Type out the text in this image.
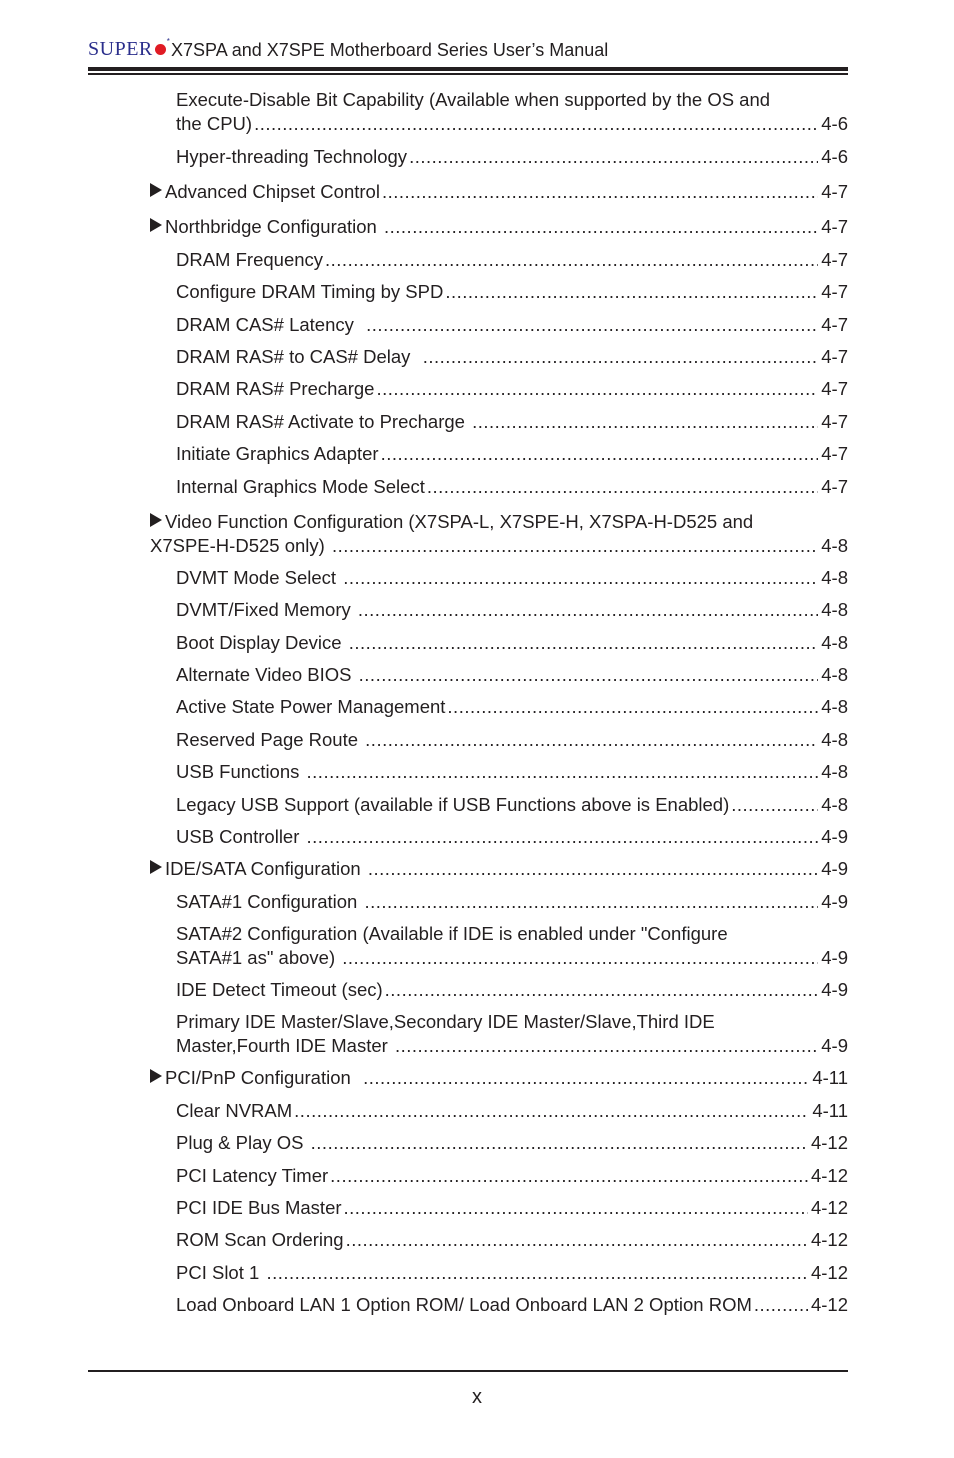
SUPER * X7SPA and X7SPE Motherboard Series User’s Manual
Execute-Disable Bit Capability (Available when supported by the OS and
the CPU) .....	4-6
Hyper-threading Technology .....	4-6
Advanced Chipset Control .....	4-7
Northbridge Configuration .....	4-7
DRAM Frequency .....	4-7
Configure DRAM Timing by SPD .....	4-7
DRAM CAS# Latency .....	4-7
DRAM RAS# to CAS# Delay .....	4-7
DRAM RAS# Precharge .....	4-7
DRAM RAS# Activate to Precharge .....	4-7
Initiate Graphics Adapter .....	4-7
Internal Graphics Mode Select .....	4-7
Video Function Configuration (X7SPA-L, X7SPE-H, X7SPA-H-D525 and
X7SPE-H-D525 only) .....	4-8
DVMT Mode Select .....	4-8
DVMT/Fixed Memory .....	4-8
Boot Display Device .....	4-8
Alternate Video BIOS .....	4-8
Active State Power Management .....	4-8
Reserved Page Route .....	4-8
USB Functions .....	4-8
Legacy USB Support (available if USB Functions above is Enabled) .....	4-8
USB Controller .....	4-9
IDE/SATA Configuration .....	4-9
SATA#1 Configuration .....	4-9
SATA#2 Configuration (Available if IDE is enabled under "Configure
SATA#1 as" above) .....	4-9
IDE Detect Timeout (sec) .....	4-9
Primary IDE Master/Slave,Secondary IDE Master/Slave,Third IDE
Master,Fourth IDE Master .....	4-9
PCI/PnP Configuration .....	4-11
Clear NVRAM .....	4-11
Plug & Play OS .....	4-12
PCI Latency Timer .....	4-12
PCI IDE Bus Master .....	4-12
ROM Scan Ordering .....	4-12
PCI Slot 1 .....	4-12
Load Onboard LAN 1 Option ROM/ Load Onboard LAN 2 Option ROM .....	4-12
x
